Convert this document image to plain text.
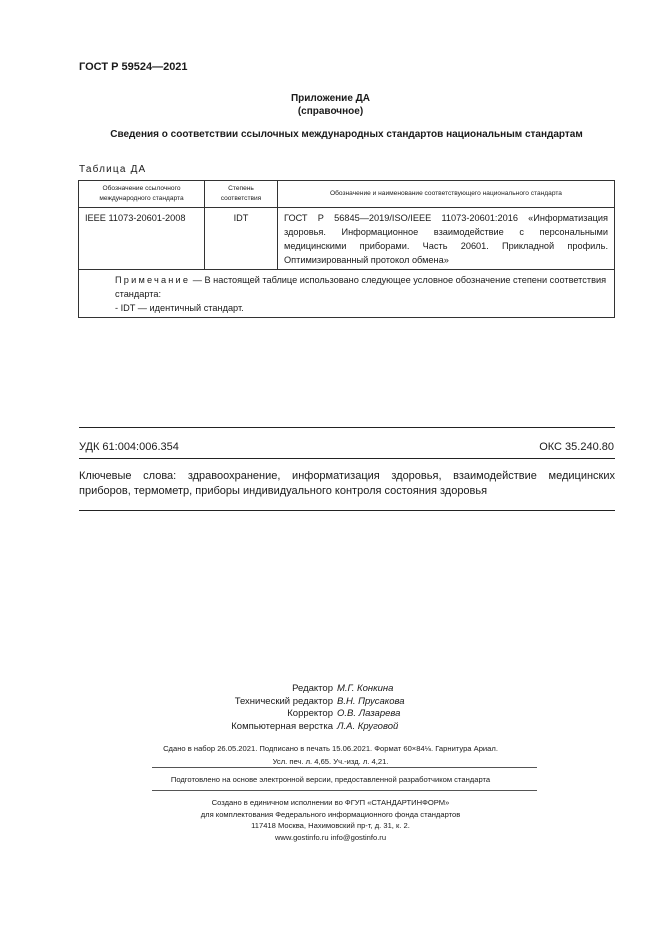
ГОСТ Р 59524—2021
Приложение ДА
(справочное)
Сведения о соответствии ссылочных международных стандартов национальным стандартам
Таблица ДА
Обозначение ссылочного международного стандарта	Степень соответствия	Обозначение и наименование соответствующего национального стандарта
IEEE 11073-20601-2008	IDT	ГОСТ Р 56845—2019/ISO/IEEE 11073-20601:2016 «Информатизация здоровья. Информационное взаимодействие с персональными медицинскими приборами. Часть 20601. Прикладной профиль. Оптимизированный протокол обмена»

Примечание — В настоящей таблице использовано следующее условное обозначение степени соответствия стандарта:
- IDT — идентичный стандарт.		
УДК 61:004:006.354	ОКС 35.240.80
Ключевые слова: здравоохранение, информатизация здоровья, взаимодействие медицинских приборов, термометр, приборы индивидуального контроля состояния здоровья
Редактор М.Г. Конкина
Технический редактор В.Н. Прусакова
Корректор О.В. Лазарева
Компьютерная верстка Л.А. Круговой
Сдано в набор 26.05.2021. Подписано в печать 15.06.2021. Формат 60×84⅛. Гарнитура Ариал.
Усл. печ. л. 4,65. Уч.-изд. л. 4,21.
Подготовлено на основе электронной версии, предоставленной разработчиком стандарта
Создано в единичном исполнении во ФГУП «СТАНДАРТИНФОРМ»
для комплектования Федерального информационного фонда стандартов
117418 Москва, Нахимовский пр-т, д. 31, к. 2.
www.gostinfo.ru info@gostinfo.ru
